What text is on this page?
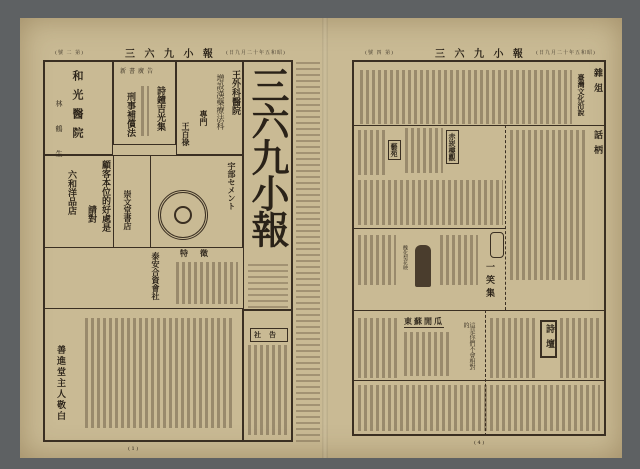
(號 二 第)	三 六 九 小 報 (日九月二十年五和昭)
三六九小報
和光醫院
林 鶴 生
新書廣告
詩鐘吉光集
刑事補償法	王外科醫院
增設漢藥療法科
專門
王百祿
顧客本位的好處是
請對
六和洋品店	崇文堂書店	宇部セメント
特徵
泰安合資會社
善進堂主人敬白
社告
( 1 )
(號 四 第)	三 六 九 小 報 (日九月二十年五和昭)
雜俎
臺灣文化沿說
話柄
赤崁樓觀
藝苑
一笑集
醜化梨花映
東蘇閒瓜
這是你們不會相對的	詩壇
( 4 )
